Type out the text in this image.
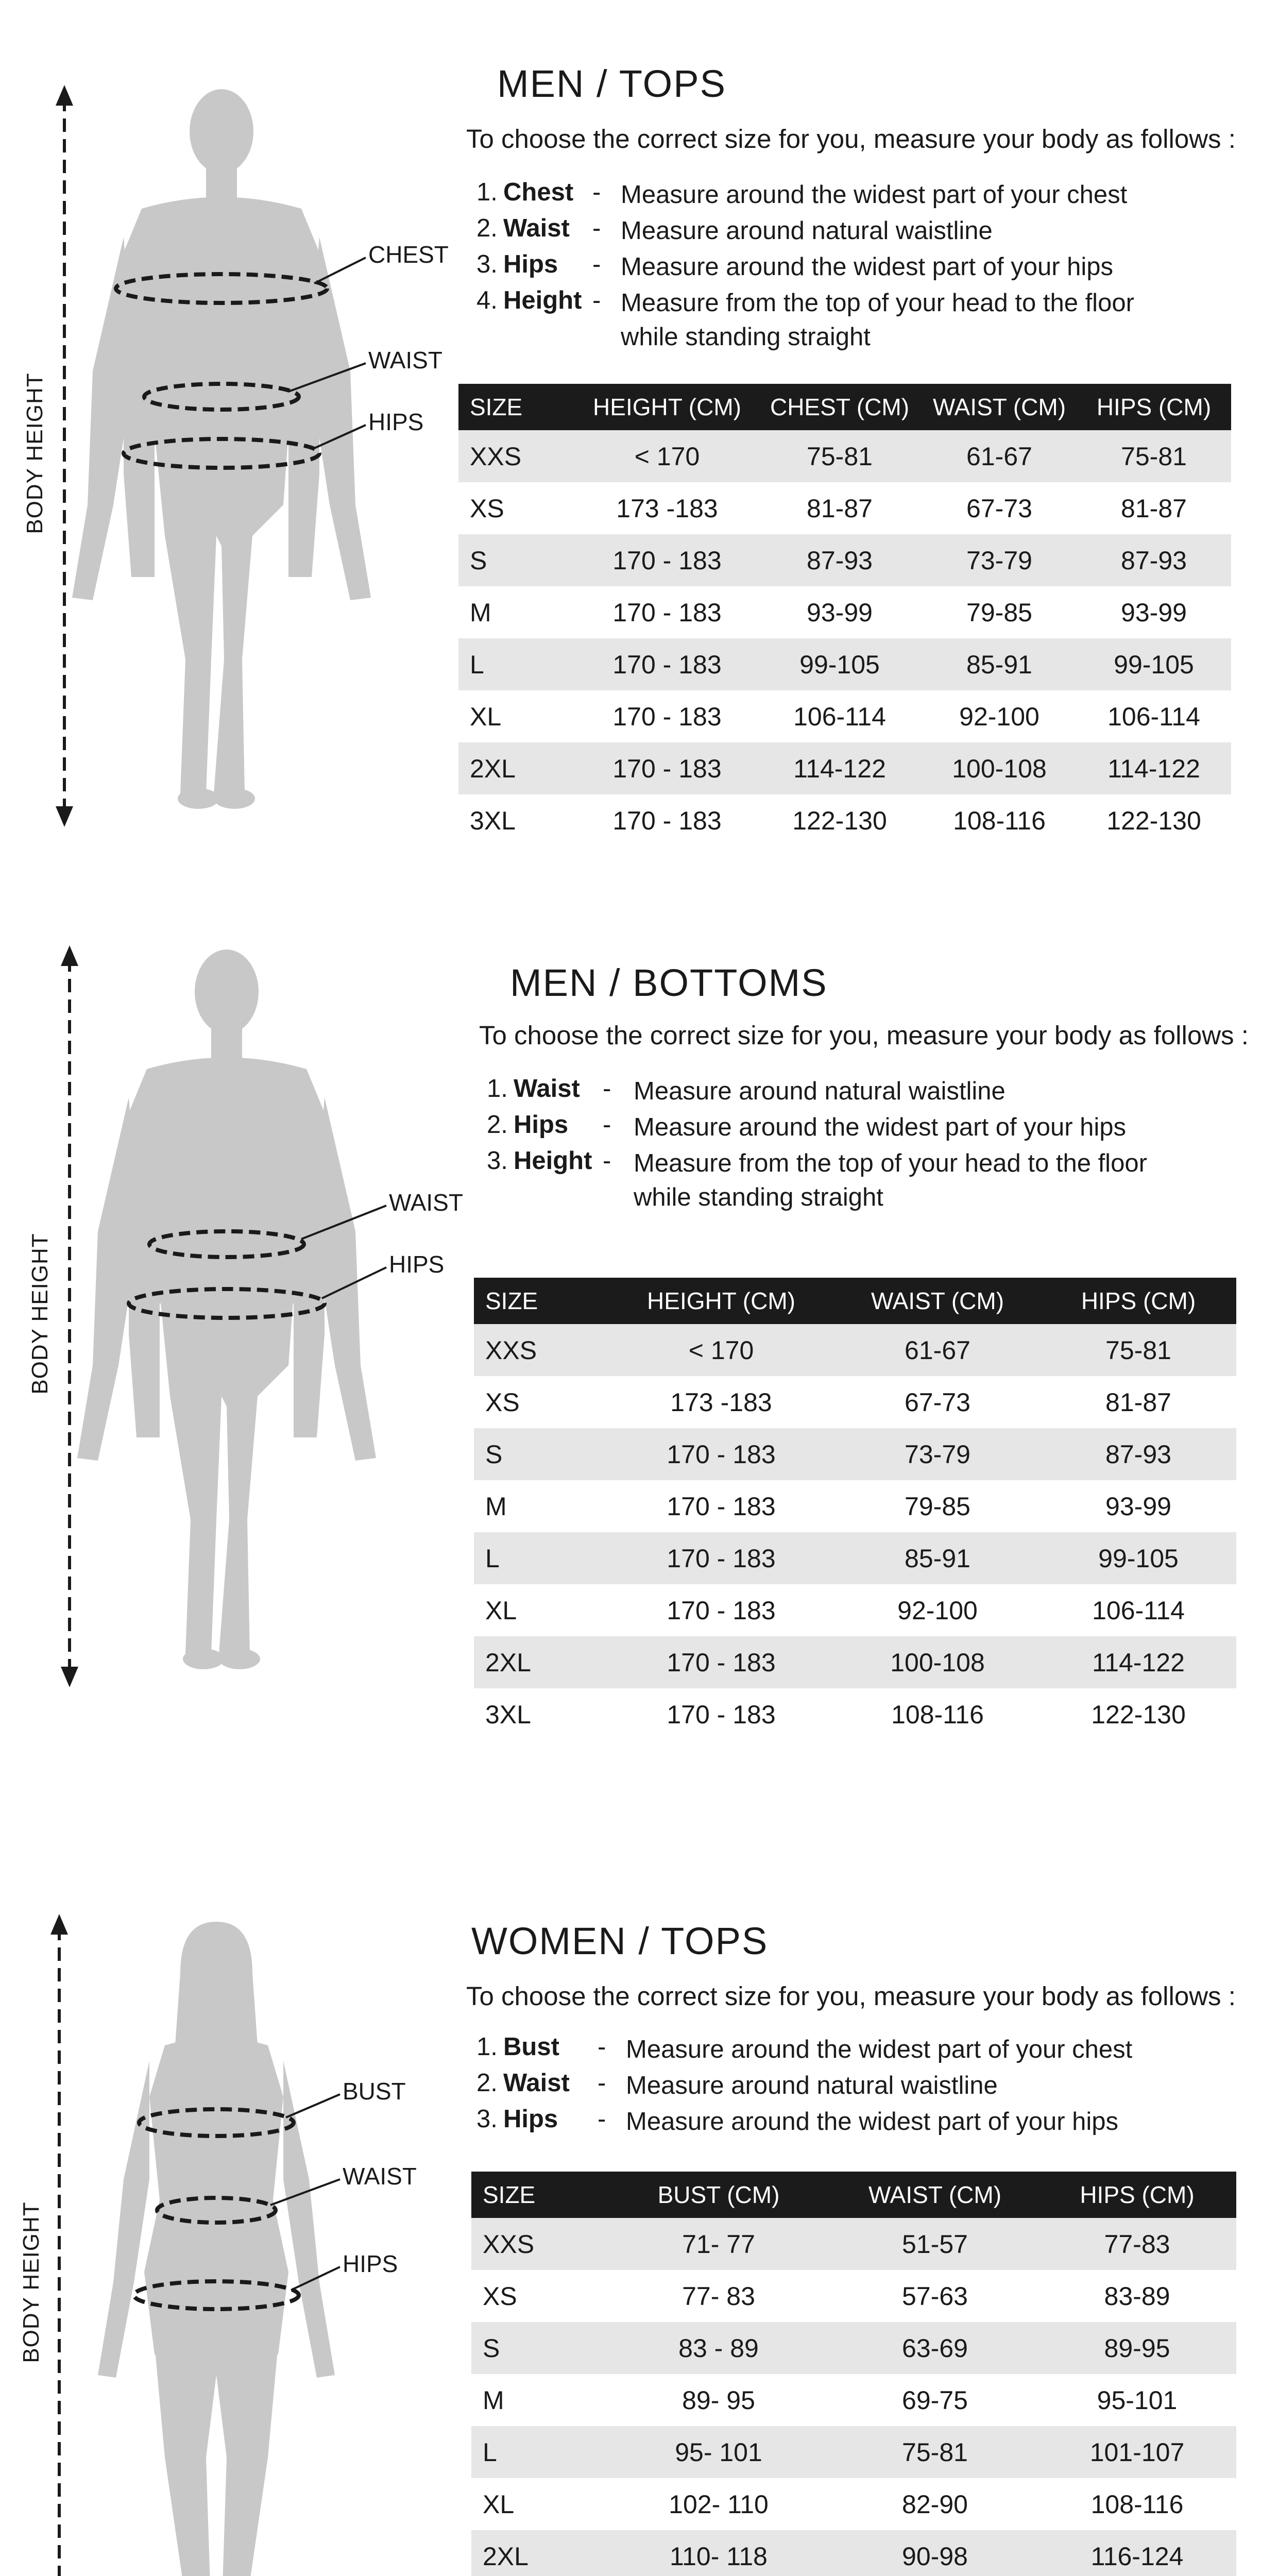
BODY HEIGHT
CHEST
WAIST
HIPS
MEN / TOPS
To choose the correct size for you, measure your body as follows :
1. Chest - Measure around the widest part of your chest
2. Waist - Measure around natural waistline
3. Hips - Measure around the widest part of your hips
4. Height - Measure from the top of your head to the floor
while standing straight
SIZE	HEIGHT (CM)	CHEST (CM)	WAIST (CM)	HIPS (CM)
XXS	< 170	75-81	61-67	75-81
XS	173 -183	81-87	67-73	81-87
S	170 - 183	87-93	73-79	87-93
M	170 - 183	93-99	79-85	93-99
L	170 - 183	99-105	85-91	99-105
XL	170 - 183	106-114	92-100	106-114
2XL	170 - 183	114-122	100-108	114-122
3XL	170 - 183	122-130	108-116	122-130
BODY HEIGHT
WAIST
HIPS
MEN / BOTTOMS
To choose the correct size for you, measure your body as follows :
1. Waist - Measure around natural waistline
2. Hips - Measure around the widest part of your hips
3. Height - Measure from the top of your head to the floor
while standing straight
SIZE	HEIGHT (CM)	WAIST (CM)	HIPS (CM)
XXS	< 170	61-67	75-81
XS	173 -183	67-73	81-87
S	170 - 183	73-79	87-93
M	170 - 183	79-85	93-99
L	170 - 183	85-91	99-105
XL	170 - 183	92-100	106-114
2XL	170 - 183	100-108	114-122
3XL	170 - 183	108-116	122-130
BODY HEIGHT
BUST
WAIST
HIPS
WOMEN / TOPS
To choose the correct size for you, measure your body as follows :
1. Bust - Measure around the widest part of your chest
2. Waist - Measure around natural waistline
3. Hips - Measure around the widest part of your hips
SIZE	BUST (CM)	WAIST (CM)	HIPS (CM)
XXS	71- 77	51-57	77-83
XS	77- 83	57-63	83-89
S	83 - 89	63-69	89-95
M	89- 95	69-75	95-101
L	95- 101	75-81	101-107
XL	102- 110	82-90	108-116
2XL	110- 118	90-98	116-124
